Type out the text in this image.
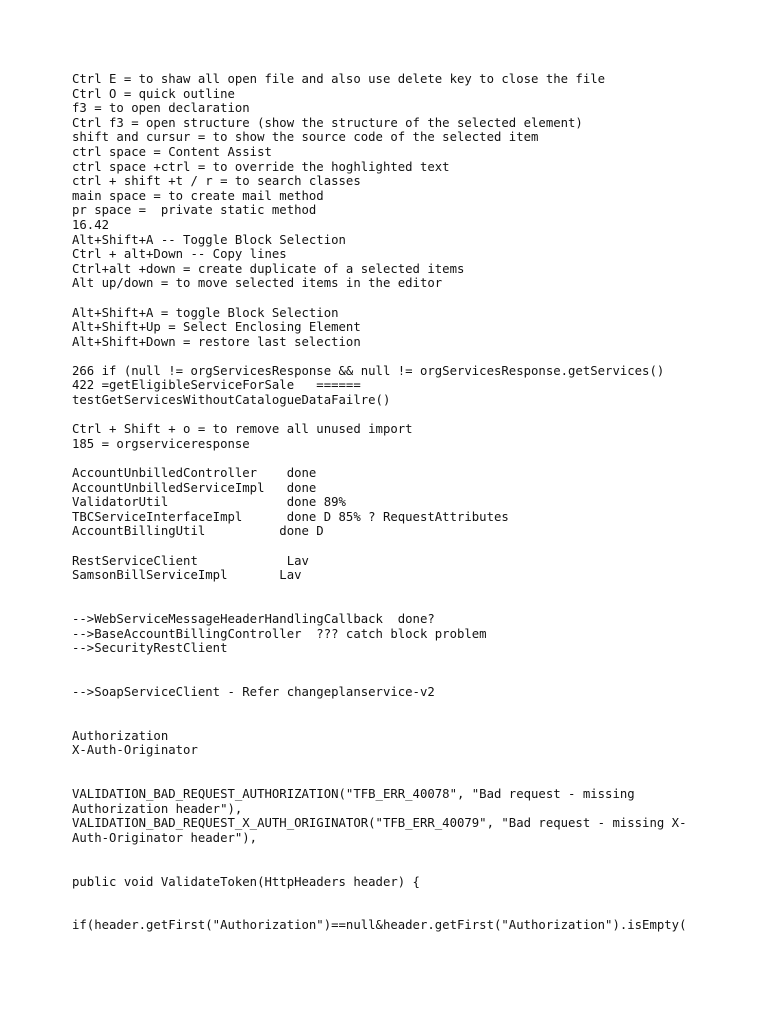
Ctrl E = to shaw all open file and also use delete key to close the file
Ctrl O = quick outline
f3 = to open declaration
Ctrl f3 = open structure (show the structure of the selected element)
shift and cursur = to show the source code of the selected item
ctrl space = Content Assist
ctrl space +ctrl = to override the hoghlighted text
ctrl + shift +t / r = to search classes
main space = to create mail method
pr space =  private static method
16.42
Alt+Shift+A -- Toggle Block Selection
Ctrl + alt+Down -- Copy lines
Ctrl+alt +down = create duplicate of a selected items
Alt up/down = to move selected items in the editor
Alt+Shift+A = toggle Block Selection
Alt+Shift+Up = Select Enclosing Element
Alt+Shift+Down = restore last selection
266 if (null != orgServicesResponse && null != orgServicesResponse.getServices()
422 =getEligibleServiceForSale   ======
testGetServicesWithoutCatalogueDataFailre()
Ctrl + Shift + o = to remove all unused import
185 = orgserviceresponse
AccountUnbilledController    done
AccountUnbilledServiceImpl   done
ValidatorUtil                done 89%
TBCServiceInterfaceImpl      done D 85% ? RequestAttributes
AccountBillingUtil          done D
RestServiceClient            Lav
SamsonBillServiceImpl       Lav
-->WebServiceMessageHeaderHandlingCallback  done?
-->BaseAccountBillingController  ??? catch block problem
-->SecurityRestClient
-->SoapServiceClient - Refer changeplanservice-v2
Authorization
X-Auth-Originator
VALIDATION_BAD_REQUEST_AUTHORIZATION("TFB_ERR_40078", "Bad request - missing
Authorization header"),
VALIDATION_BAD_REQUEST_X_AUTH_ORIGINATOR("TFB_ERR_40079", "Bad request - missing X-
Auth-Originator header"),
public void ValidateToken(HttpHeaders header) {
if(header.getFirst("Authorization")==null&header.getFirst("Authorization").isEmpty(
